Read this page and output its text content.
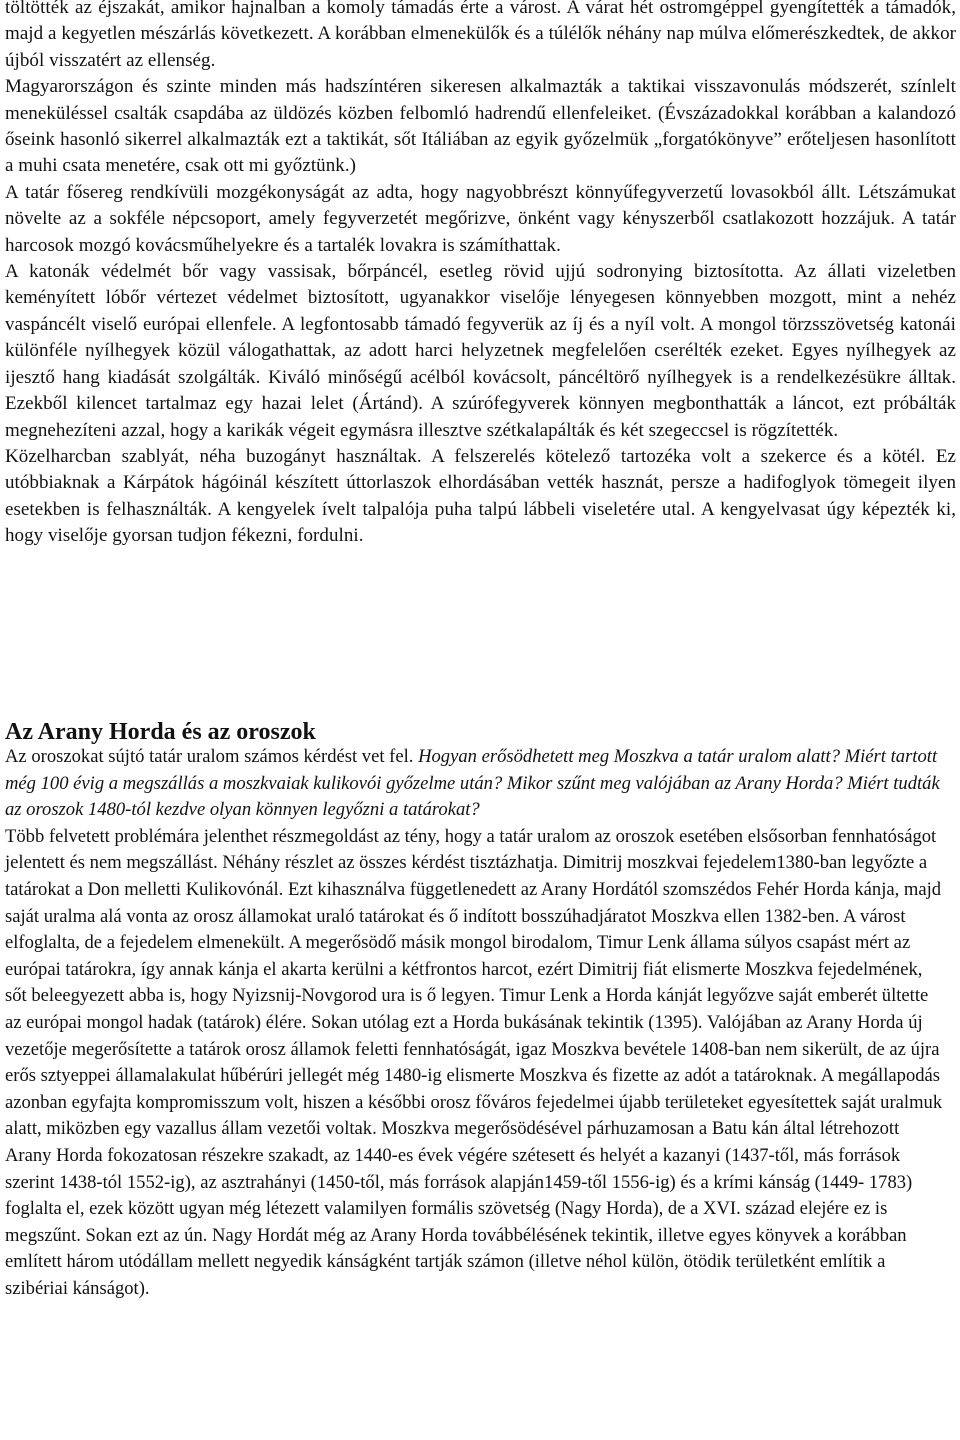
töltötték az éjszakát, amikor hajnalban a komoly támadás érte a várost. A várat hét ostromgéppel gyengítették a támadók, majd a kegyetlen mészárlás következett. A korábban elmenekülők és a túlélők néhány nap múlva előmerészkedtek, de akkor újból visszatért az ellenség.

Magyarországon és szinte minden más hadszíntéren sikeresen alkalmazták a taktikai visszavonulás módszerét, színlelt meneküléssel csalták csapdába az üldözés közben felbomló hadrendű ellenfeleiket. (Évszázadokkal korábban a kalandozó őseink hasonló sikerrel alkalmazták ezt a taktikát, sőt Itáliában az egyik győzelmük „forgatókönyve” erőteljesen hasonlított a muhi csata menetére, csak ott mi győztünk.)

A tatár fősereg rendkívüli mozgékonyságát az adta, hogy nagyobbrészt könnyűfegyverzetű lovasokból állt. Létszámukat növelte az a sokféle népcsoport, amely fegyverzetét megőrizve, önként vagy kényszerből csatlakozott hozzájuk. A tatár harcosok mozgó kovácsműhelyekre és a tartalék lovakra is számíthattak.

A katonák védelmét bőr vagy vassisak, bőrpáncél, esetleg rövid ujjú sodronying biztosította. Az állati vizeletben keményített lóbőr vértezet védelmet biztosított, ugyanakkor viselője lényegesen könnyebben mozgott, mint a nehéz vaspáncélt viselő európai ellenfele. A legfontosabb támadó fegyverük az íj és a nyíl volt. A mongol törzsszövetség katonái különféle nyílhegyek közül válogathattak, az adott harci helyzetnek megfelelően cserélték ezeket. Egyes nyílhegyek az ijesztő hang kiadását szolgálták. Kiváló minőségű acélból kovácsolt, páncéltörő nyílhegyek is a rendelkezésükre álltak. Ezekből kilencet tartalmaz egy hazai lelet (Ártánd). A szúrófegyverek könnyen megbonthatták a láncot, ezt próbálták megnehezíteni azzal, hogy a karikák végeit egymásra illesztve szétkalapálták és két szegeccsel is rögzítették.

Közelharcban szablyát, néha buzogányt használtak. A felszerelés kötelező tartozéka volt a szekerce és a kötél. Ez utóbbiaknak a Kárpátok hágóinál készített úttorlaszok elhordásában vették hasznát, persze a hadifoglyok tömegeit ilyen esetekben is felhasználták. A kengyelek ívelt talpalója puha talpú lábbeli viseletére utal. A kengyelvasat úgy képezték ki, hogy viselője gyorsan tudjon fékezni, fordulni.

Az Arany Horda és az oroszok

Az oroszokat sújtó tatár uralom számos kérdést vet fel. Hogyan erősödhetett meg Moszkva a tatár uralom alatt? Miért tartott még 100 évig a megszállás a moszkvaiak kulikovói győzelme után? Mikor szűnt meg valójában az Arany Horda? Miért tudták az oroszok 1480-tól kezdve olyan könnyen legyőzni a tatárokat?

Több felvetett problémára jelenthet részmegoldást az tény, hogy a tatár uralom az oroszok esetében elsősorban fennhatóságot jelentett és nem megszállást. Néhány részlet az összes kérdést tisztázhatja. Dimitrij moszkvai fejedelem1380-ban legyőzte a tatárokat a Don melletti Kulikovónál. Ezt kihasználva függetlenedett az Arany Hordától szomszédos Fehér Horda kánja, majd saját uralma alá vonta az orosz államokat uraló tatárokat és ő indított bosszúhadjáratot Moszkva ellen 1382-ben. A várost elfoglalta, de a fejedelem elmenekült. A megerősödő másik mongol birodalom, Timur Lenk állama súlyos csapást mért az európai tatárokra, így annak kánja el akarta kerülni a kétfrontos harcot, ezért Dimitrij fiát elismerte Moszkva fejedelmének, sőt beleegyezett abba is, hogy Nyizsnij-Novgorod ura is ő legyen. Timur Lenk a Horda kánját legyőzve saját emberét ültette az európai mongol hadak (tatárok) élére. Sokan utólag ezt a Horda bukásának tekintik (1395). Valójában az Arany Horda új vezetője megerősítette a tatárok orosz államok feletti fennhatóságát, igaz Moszkva bevétele 1408-ban nem sikerült, de az újra erős sztyeppei államalakulat hűbérúri jellegét még 1480-ig elismerte Moszkva és fizette az adót a tatároknak. A megállapodás azonban egyfajta kompromisszum volt, hiszen a későbbi orosz főváros fejedelmei újabb területeket egyesítettek saját uralmuk alatt, miközben egy vazallus állam vezetői voltak. Moszkva megerősödésével párhuzamosan a Batu kán által létrehozott Arany Horda fokozatosan részekre szakadt, az 1440-es évek végére szétesett és helyét a kazanyi (1437-től, más források szerint 1438-tól 1552-ig), az asztrahányi (1450-től, más források alapján1459-től 1556-ig) és a krími kánság (1449- 1783) foglalta el, ezek között ugyan még létezett valamilyen formális szövetség (Nagy Horda), de a XVI. század elejére ez is megszűnt. Sokan ezt az ún. Nagy Hordát még az Arany Horda továbbélésének tekintik, illetve egyes könyvek a korábban említett három utódállam mellett negyedik kánságként tartják számon (illetve néhol külön, ötödik területként említik a szibériai kánságot).
